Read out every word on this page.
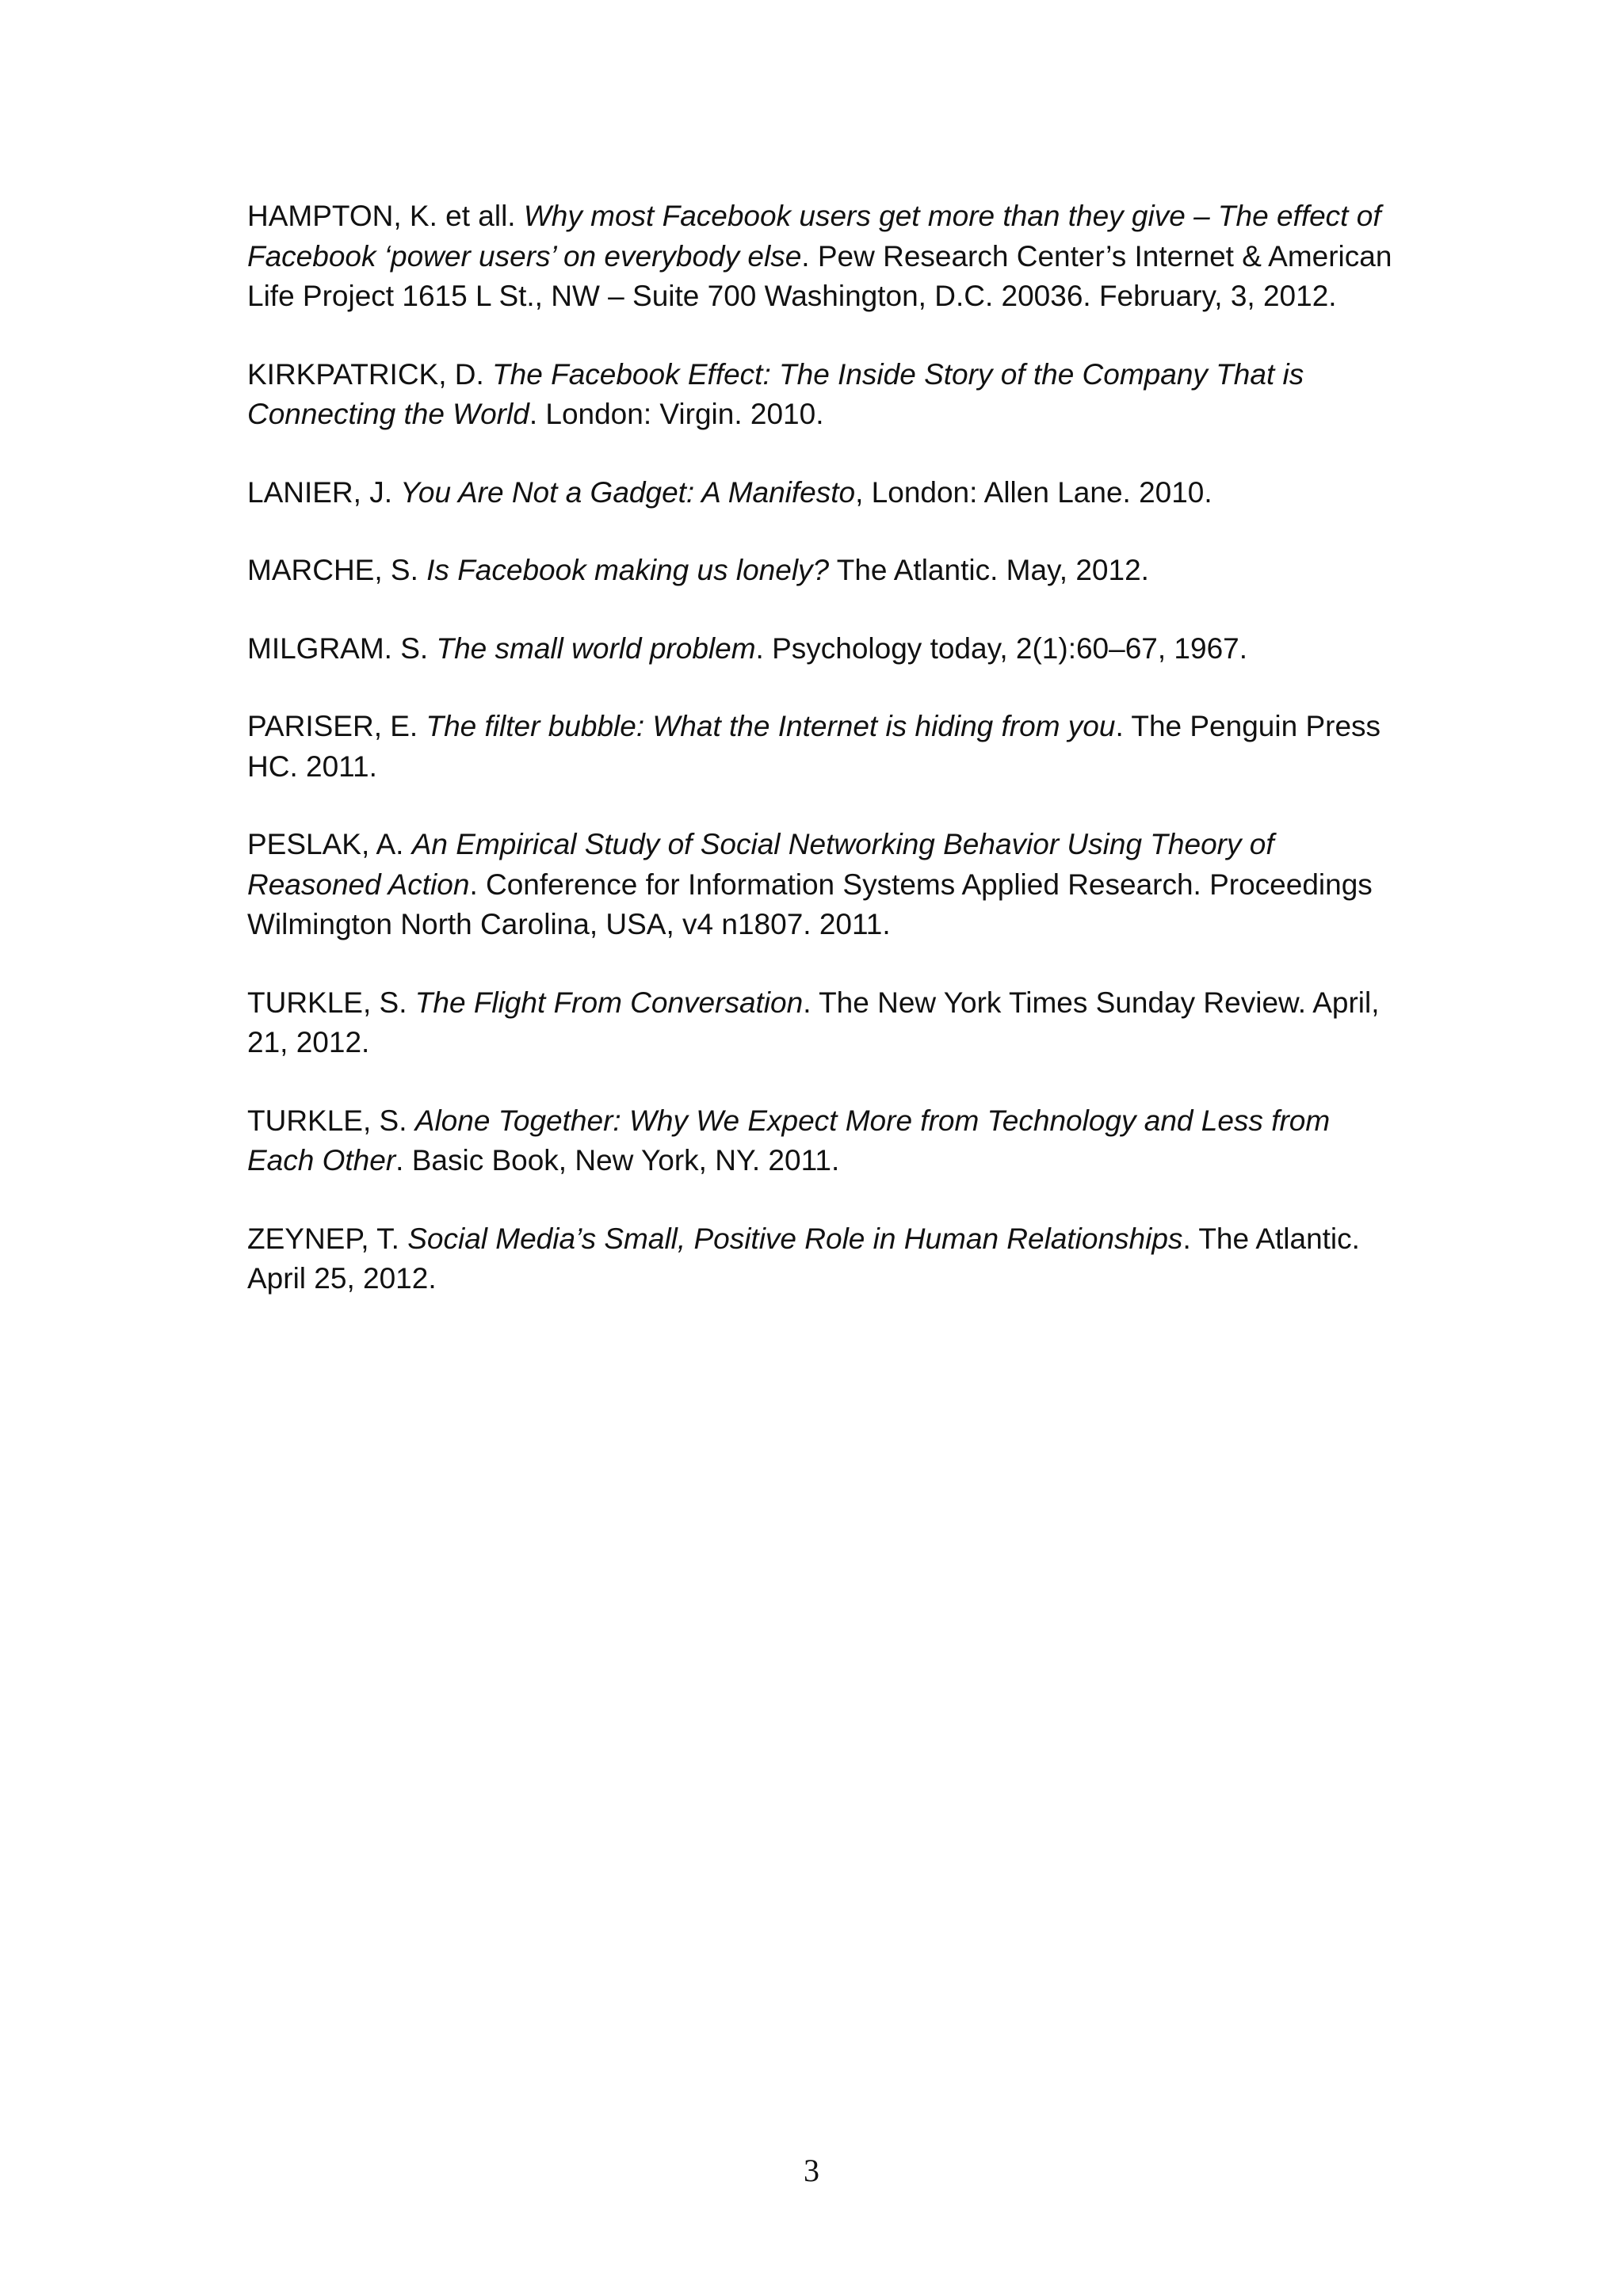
HAMPTON, K. et all. Why most Facebook users get more than they give – The effect of Facebook ‘power users’ on everybody else. Pew Research Center’s Internet & American Life Project 1615 L St., NW – Suite 700 Washington, D.C. 20036. February, 3, 2012.

KIRKPATRICK, D. The Facebook Effect: The Inside Story of the Company That is Connecting the World. London: Virgin. 2010.

LANIER, J. You Are Not a Gadget: A Manifesto, London: Allen Lane. 2010.

MARCHE, S. Is Facebook making us lonely? The Atlantic. May, 2012.

MILGRAM. S. The small world problem. Psychology today, 2(1):60–67, 1967.

PARISER, E. The filter bubble: What the Internet is hiding from you. The Penguin Press HC. 2011.

PESLAK, A. An Empirical Study of Social Networking Behavior Using Theory of Reasoned Action. Conference for Information Systems Applied Research. Proceedings Wilmington North Carolina, USA, v4 n1807. 2011.

TURKLE, S. The Flight From Conversation. The New York Times Sunday Review. April, 21, 2012.

TURKLE, S. Alone Together: Why We Expect More from Technology and Less from Each Other. Basic Book, New York, NY. 2011.

ZEYNEP, T. Social Media’s Small, Positive Role in Human Relationships. The Atlantic. April 25, 2012.

3
